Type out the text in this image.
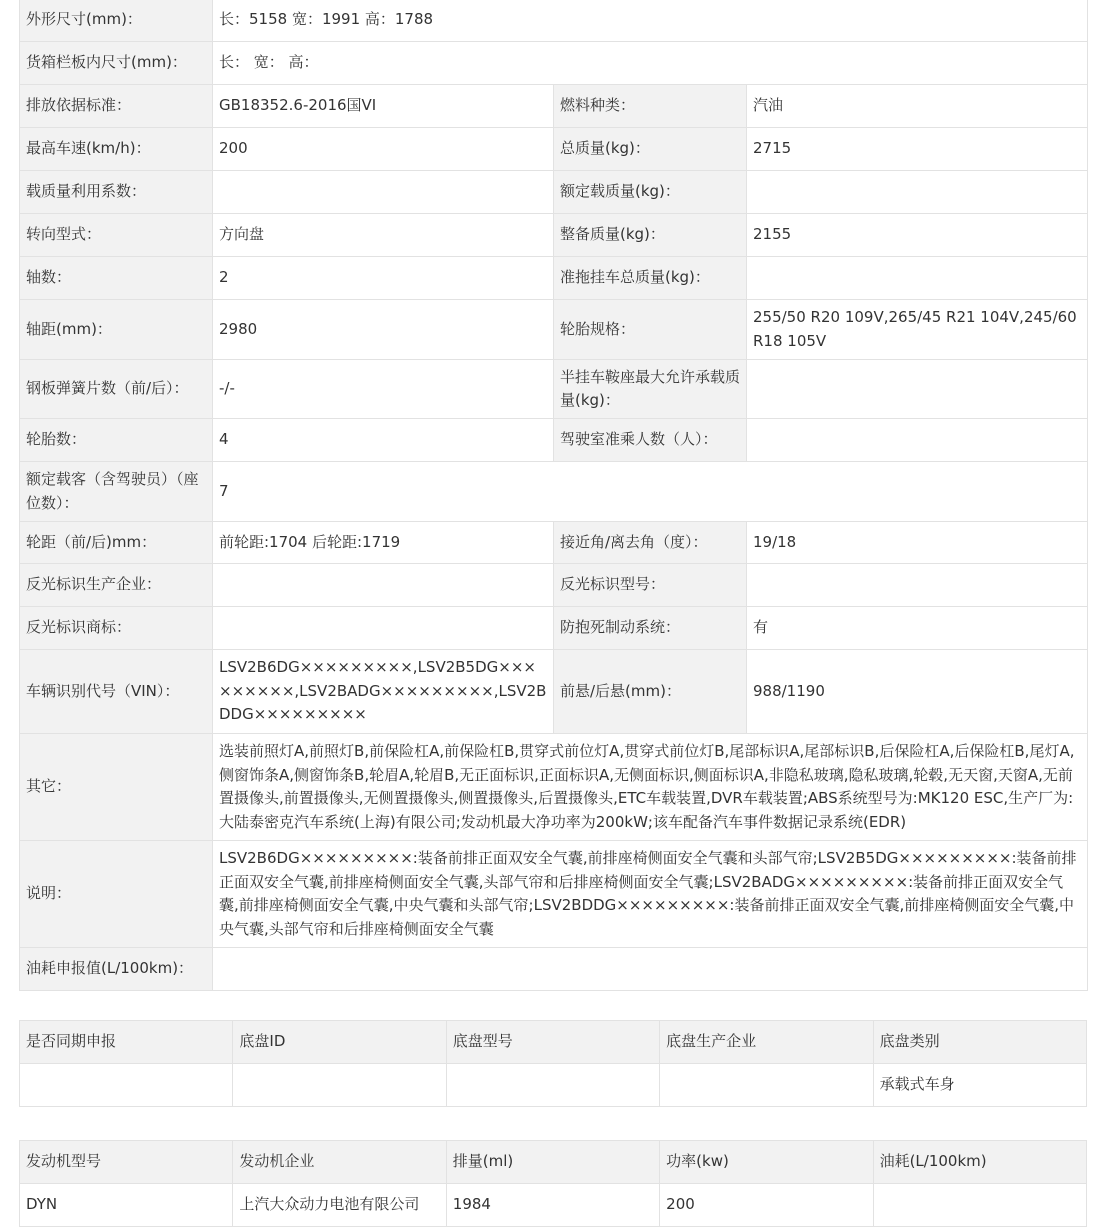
外形尺寸(mm)：	长：5158 宽：1991 高：1788		
货箱栏板内尺寸(mm)：	长： 宽： 高：		
排放依据标准：	GB18352.6-2016国VI	燃料种类：	汽油
最高车速(km/h)：	200	总质量(kg)：	2715
载质量利用系数：		额定载质量(kg)：	
转向型式：	方向盘	整备质量(kg)：	2155
轴数：	2	准拖挂车总质量(kg)：	
轴距(mm)：	2980	轮胎规格：	255/50 R20 109V,265/45 R21 104V,245/60 R18 105V
钢板弹簧片数（前/后）：	-/-	半挂车鞍座最大允许承载质量(kg)：	
轮胎数：	4	驾驶室准乘人数（人）：	
额定载客（含驾驶员）（座位数）：	7		
轮距（前/后)mm：	前轮距:1704 后轮距:1719	接近角/离去角（度）：	19/18
反光标识生产企业：		反光标识型号：	
反光标识商标：		防抱死制动系统：	有
车辆识别代号（VIN）：	LSV2B6DG×××××××××,LSV2B5DG×××××××××,LSV2BADG×××××××××,LSV2BDDG×××××××××	前悬/后悬(mm)：	988/1190
其它：	选装前照灯A,前照灯B,前保险杠A,前保险杠B,贯穿式前位灯A,贯穿式前位灯B,尾部标识A,尾部标识B,后保险杠A,后保险杠B,尾灯A,侧窗饰条A,侧窗饰条B,轮眉A,轮眉B,无正面标识,正面标识A,无侧面标识,侧面标识A,非隐私玻璃,隐私玻璃,轮毂,无天窗,天窗A,无前置摄像头,前置摄像头,无侧置摄像头,侧置摄像头,后置摄像头,ETC车载装置,DVR车载装置;ABS系统型号为:MK120 ESC,生产厂为:大陆泰密克汽车系统(上海)有限公司;发动机最大净功率为200kW;该车配备汽车事件数据记录系统(EDR)		
说明：	LSV2B6DG×××××××××:装备前排正面双安全气囊,前排座椅侧面安全气囊和头部气帘;LSV2B5DG×××××××××:装备前排正面双安全气囊,前排座椅侧面安全气囊,头部气帘和后排座椅侧面安全气囊;LSV2BADG×××××××××:装备前排正面双安全气囊,前排座椅侧面安全气囊,中央气囊和头部气帘;LSV2BDDG×××××××××:装备前排正面双安全气囊,前排座椅侧面安全气囊,中央气囊,头部气帘和后排座椅侧面安全气囊		
油耗申报值(L/100km)：			
是否同期申报	底盘ID	底盘型号	底盘生产企业	底盘类别
				承载式车身
发动机型号	发动机企业	排量(ml)	功率(kw)	油耗(L/100km)
DYN	上汽大众动力电池有限公司	1984	200	
